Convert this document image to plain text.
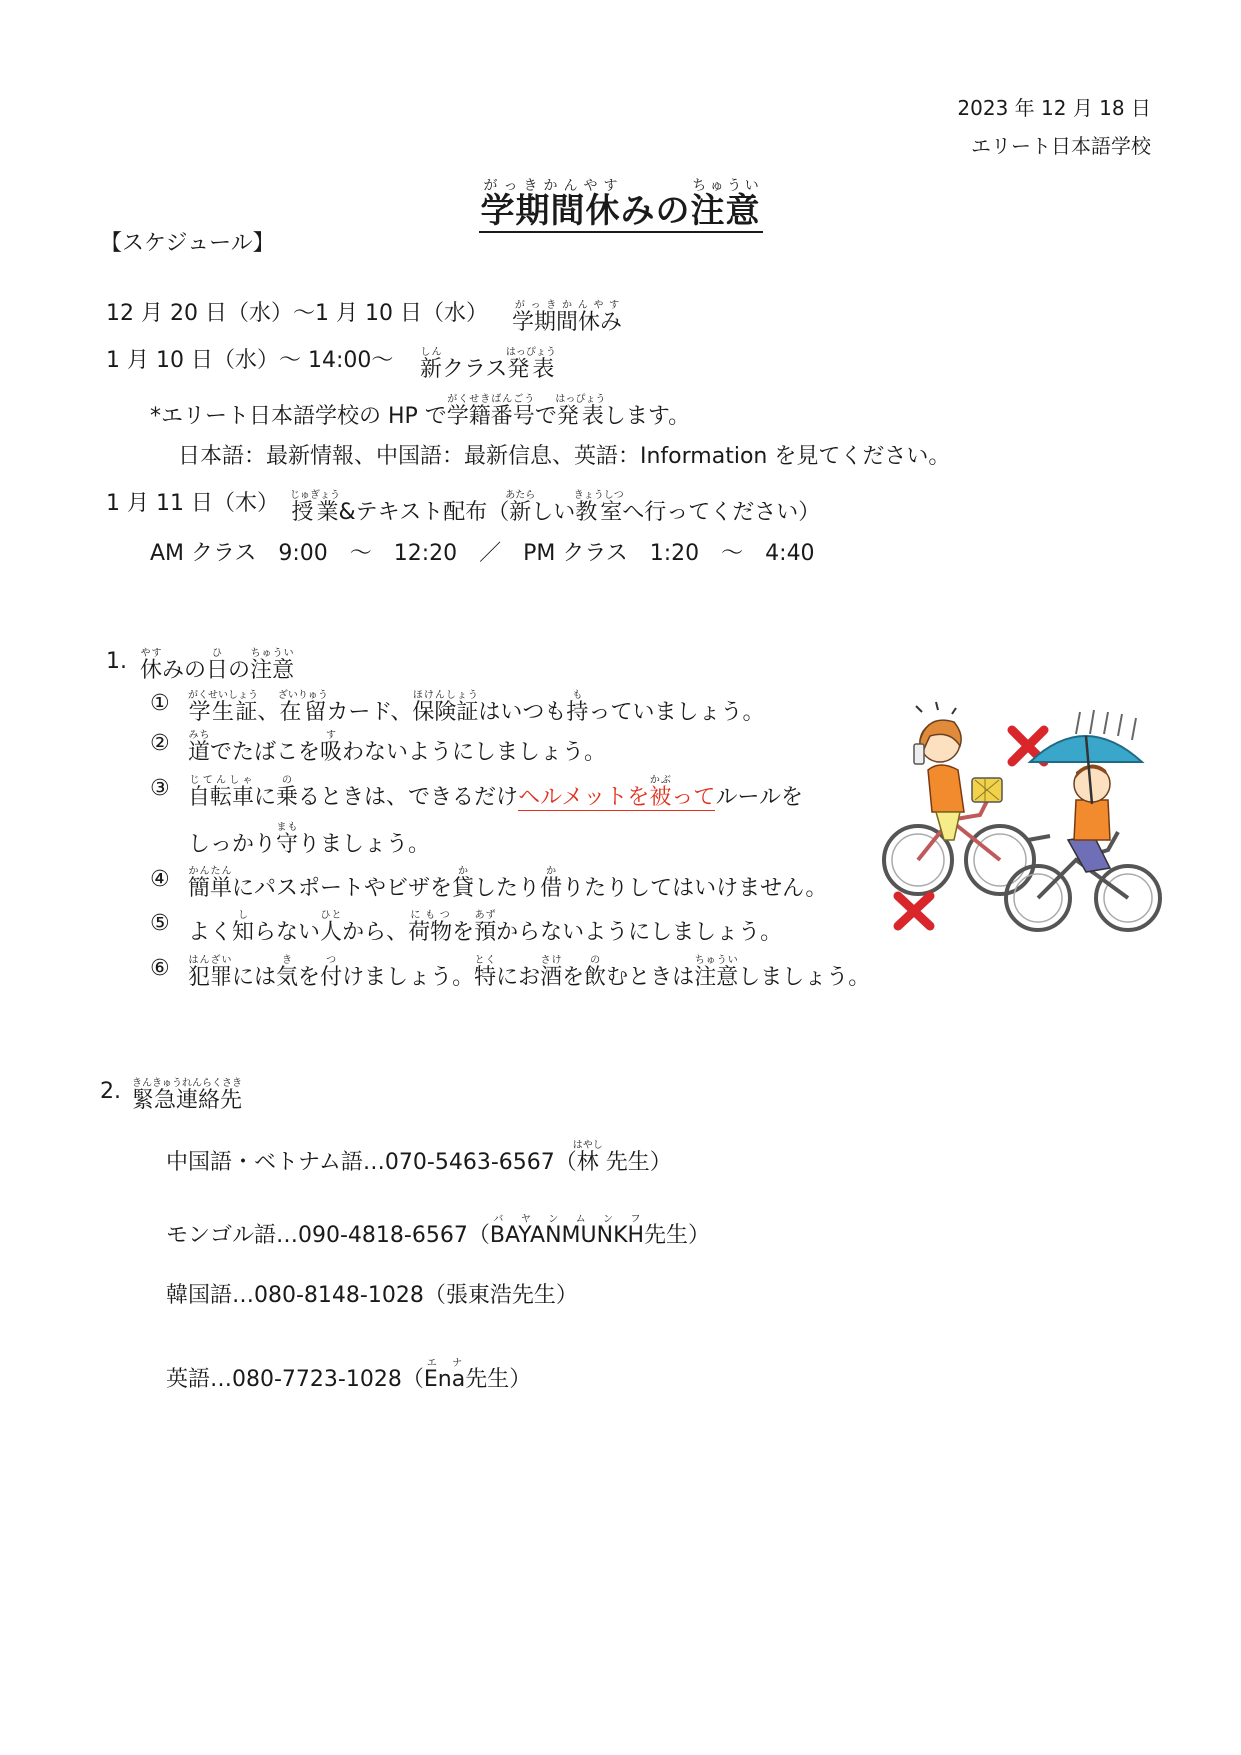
2023 年 12 月 18 日
エリート日本語学校
学期間休がっきかんやすみの注意ちゅうい
【スケジュール】
12 月 20 日（水）～1 月 10 日（水） 学期間休みがっきかんやす
1 月 10 日（水）～ 14:00～ 新しんクラス発表はっぴょう
*エリート日本語学校の HP で学籍番号がくせきばんごうで発表はっぴょうします。
日本語：最新情報、中国語：最新信息、英語：Information を見てください。
1 月 11 日（木） 授業じゅぎょう&テキスト配布（新あたらしい教室きょうしつへ行ってください）
AM クラス　9:00　～　12:20　／　PM クラス　1:20　～　4:40
1. 休やすみの日ひの注意ちゅうい
① 学生証がくせいしょう、在留ざいりゅうカード、保険証ほけんしょうはいつも持もっていましょう。
② 道みちでたばこを吸すわないようにしましょう。
③ 自転車じてんしゃに乗のるときは、できるだけヘルメットを被かぶってルールを
しっかり守まもりましょう。
④ 簡単かんたんにパスポートやビザを貸かしたり借かりたりしてはいけません。
⑤ よく知しらない人ひとから、荷物にもつを預あずからないようにしましょう。
⑥ 犯罪はんざいには気きを付つけましょう。特とくにお酒さけを飲のむときは注意ちゅういしましょう。
2. 緊急連絡先きんきゅうれんらくさき
中国語・ベトナム語…070-5463-6567（林はやし 先生）
モンゴル語…090-4818-6567（BAYANMUNKHバ ヤ ン ム ン フ先生）
韓国語…080-8148-1028（張東浩先生）
英語…080-7723-1028（Enaエ ナ先生）
